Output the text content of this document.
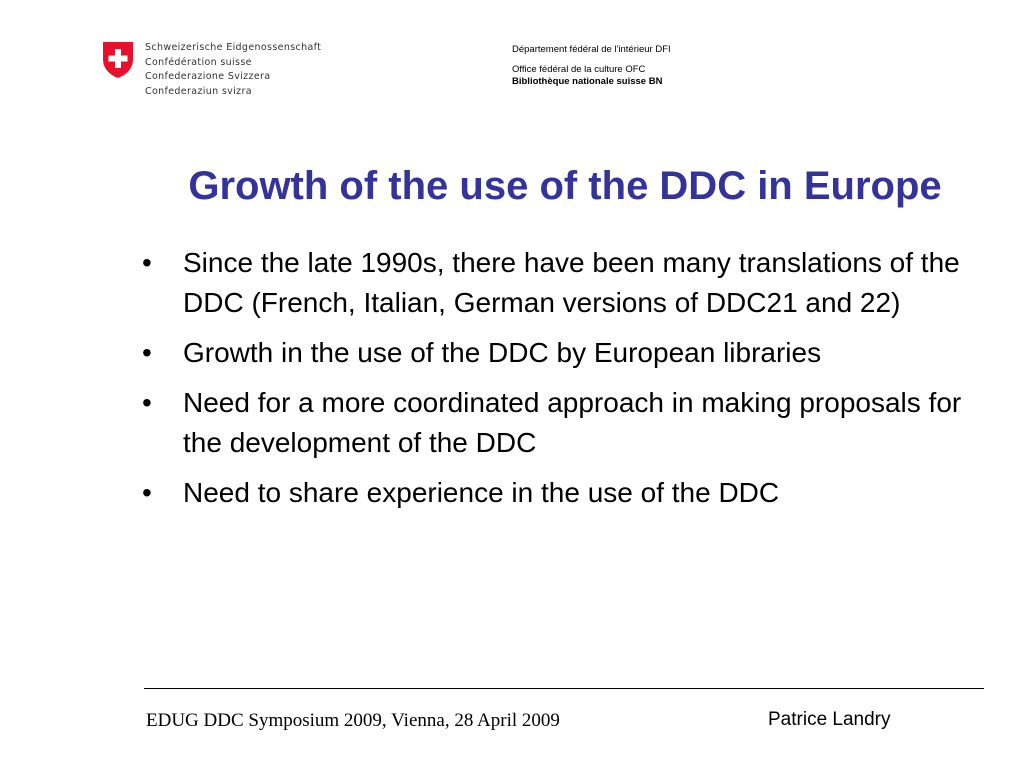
Schweizerische Eidgenossenschaft
Confédération suisse
Confederazione Svizzera
Confederaziun svizra
Département fédéral de l'intérieur DFI
Office fédéral de la culture OFC
Bibliothèque nationale suisse BN
Growth of the use of the DDC in Europe
• Since the late 1990s, there have been many translations of the DDC (French, Italian, German versions of DDC21 and 22)
• Growth in the use of the DDC by European libraries
• Need for a more coordinated approach in making proposals for the development of the DDC
• Need to share experience in the use of the DDC
EDUG DDC Symposium 2009, Vienna, 28 April 2009	Patrice Landry
